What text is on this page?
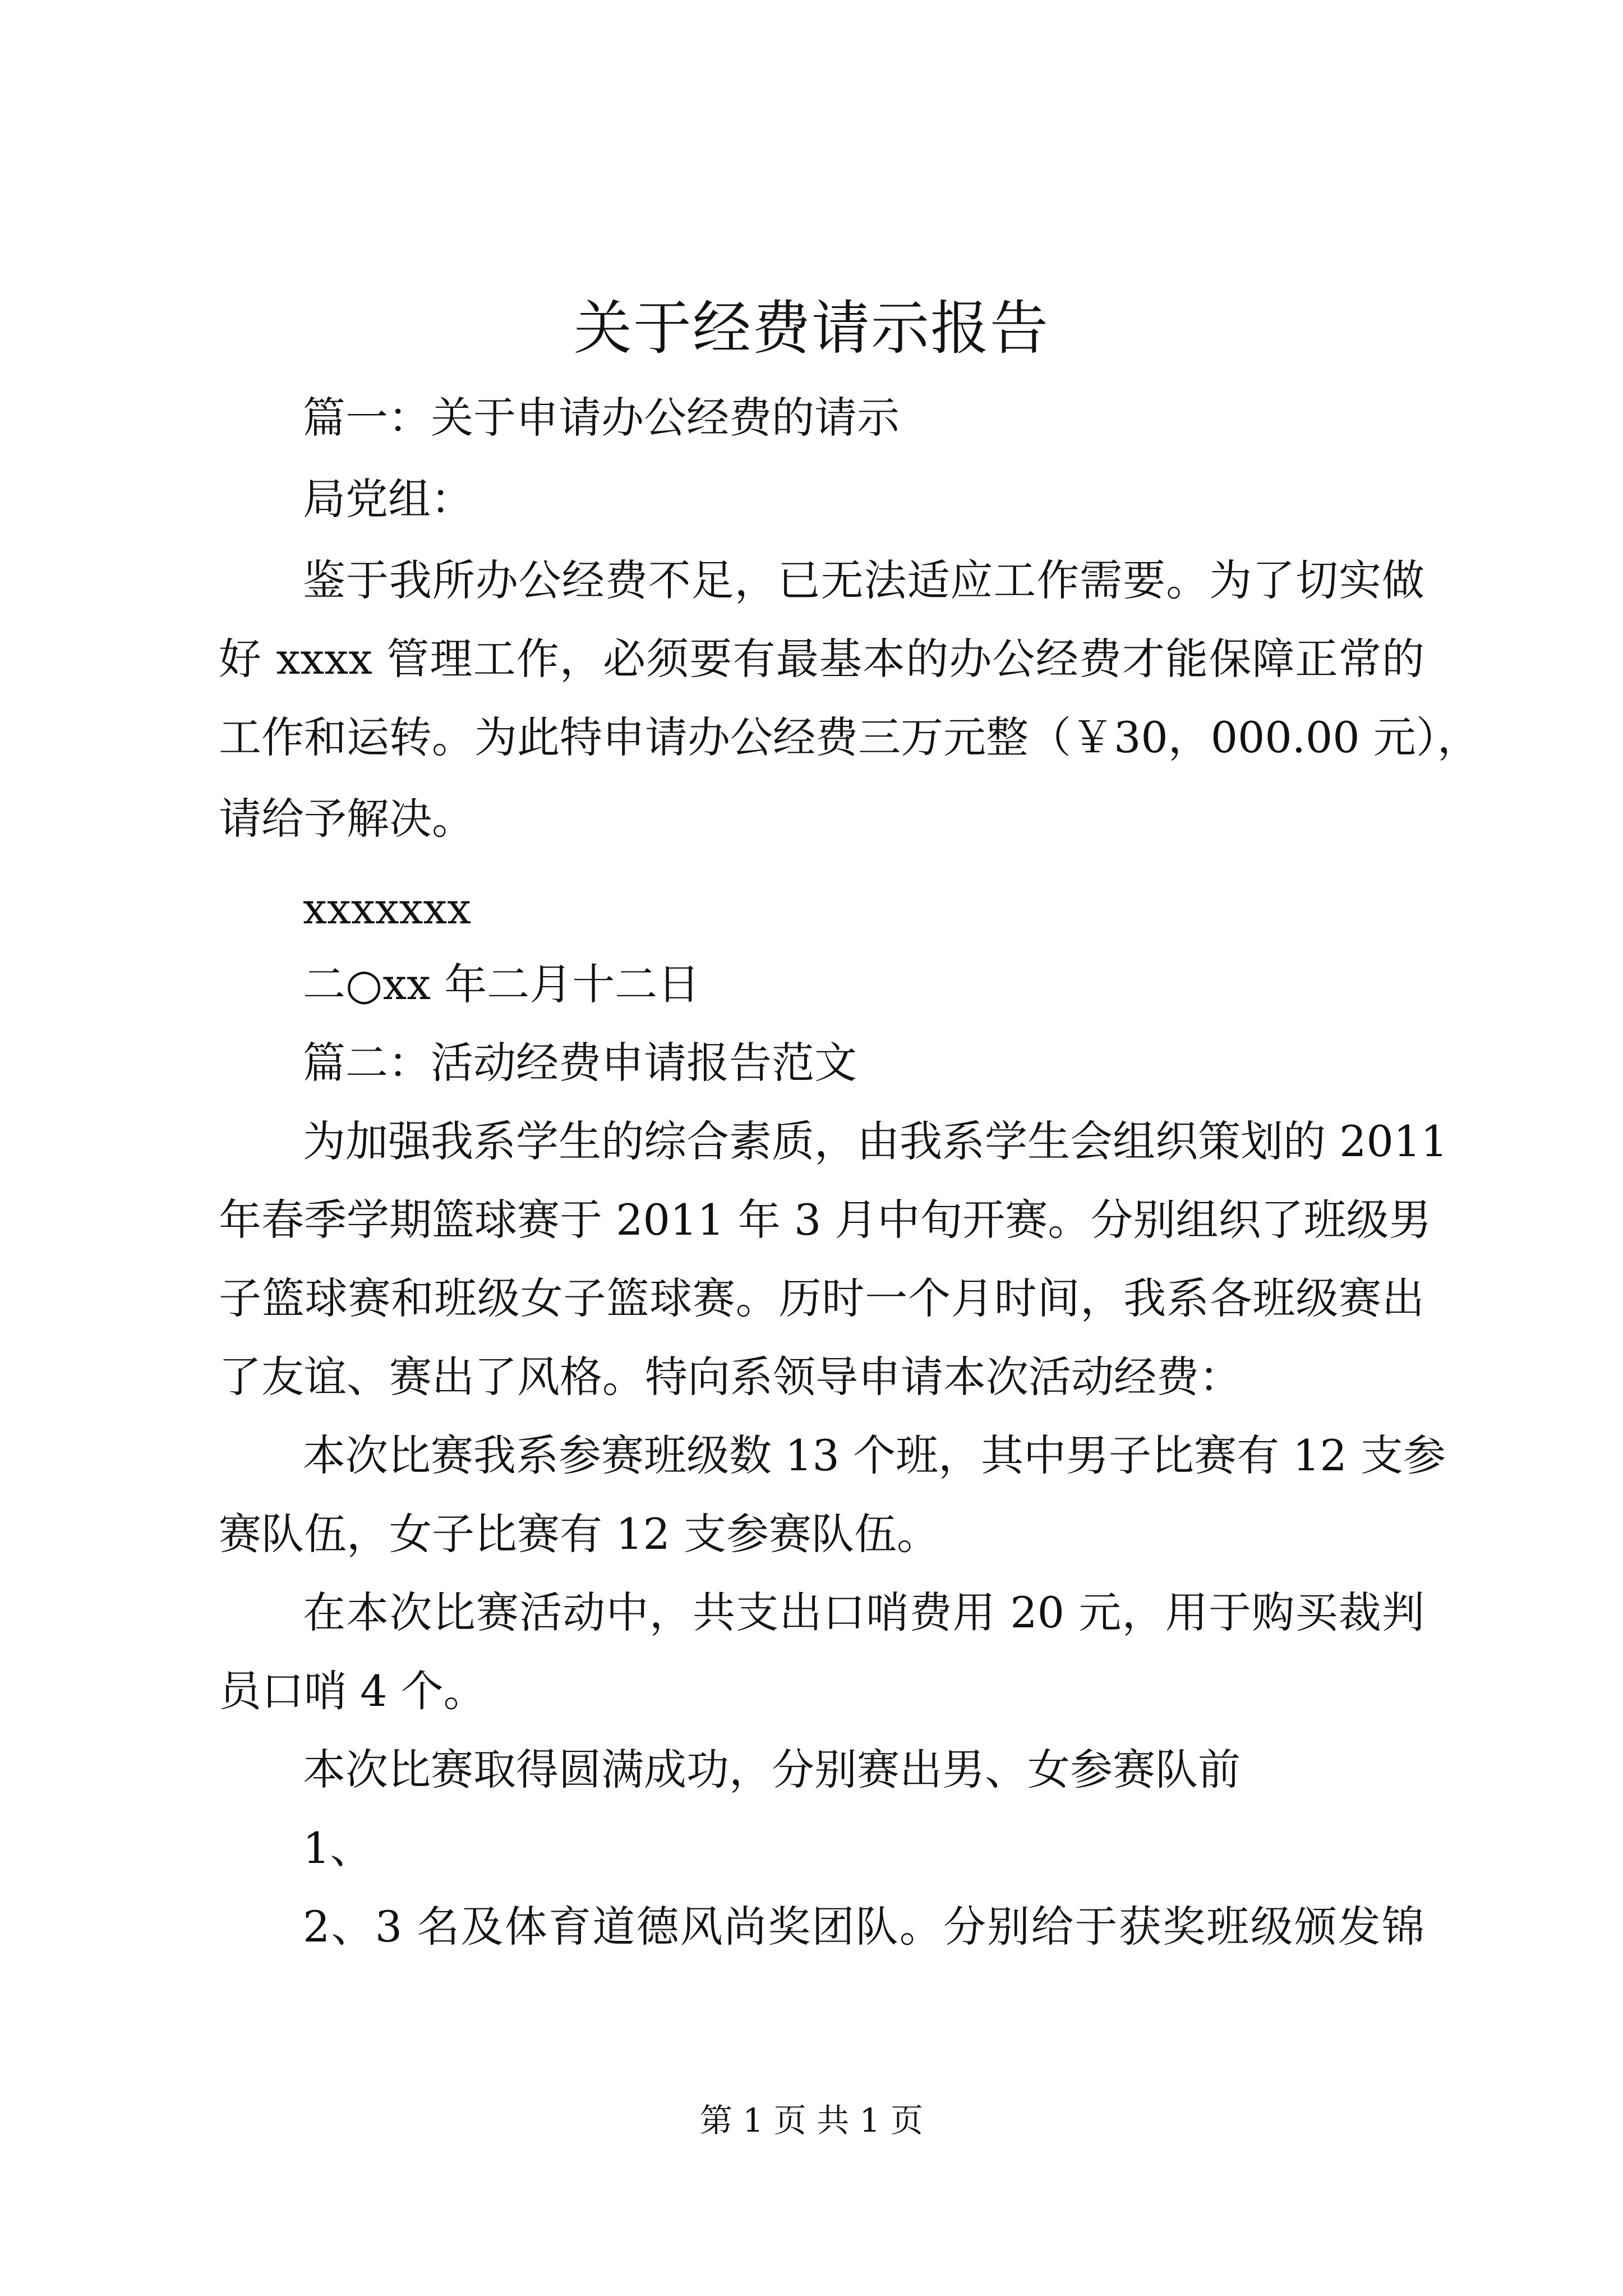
关于经费请示报告

篇一：关于申请办公经费的请示

局党组：

鉴于我所办公经费不足，已无法适应工作需要。为了切实做

好 xxxx 管理工作，必须要有最基本的办公经费才能保障正常的

工作和运转。为此特申请办公经费三万元整（￥30，000.00 元），

请给予解决。

xxxxxxx

二○xx 年二月十二日

篇二：活动经费申请报告范文

为加强我系学生的综合素质，由我系学生会组织策划的 2011

年春季学期篮球赛于 2011 年 3 月中旬开赛。分别组织了班级男

子篮球赛和班级女子篮球赛。历时一个月时间，我系各班级赛出

了友谊、赛出了风格。特向系领导申请本次活动经费：

本次比赛我系参赛班级数 13 个班，其中男子比赛有 12 支参

赛队伍，女子比赛有 12 支参赛队伍。

在本次比赛活动中，共支出口哨费用 20 元，用于购买裁判

员口哨 4 个。

本次比赛取得圆满成功，分别赛出男、女参赛队前

1、

2、3 名及体育道德风尚奖团队。分别给于获奖班级颁发锦

第 1 页 共 1 页
